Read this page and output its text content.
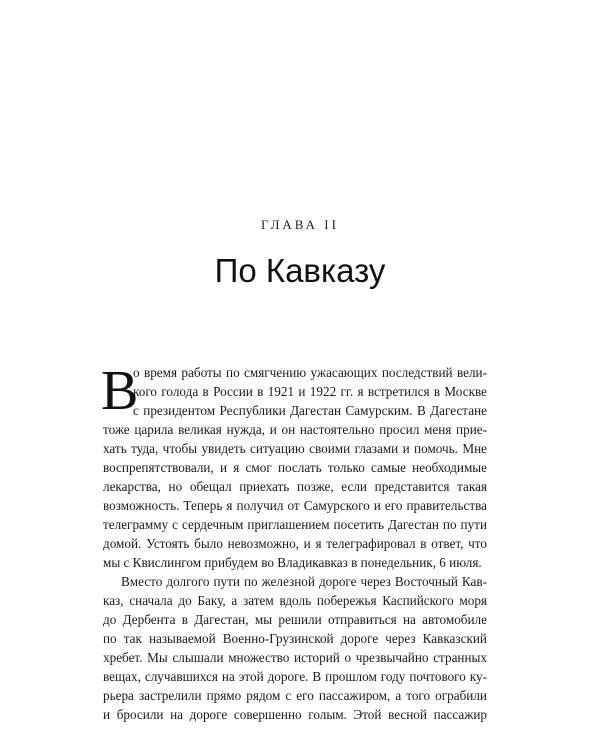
ГЛАВА II
По Кавказу
В
о время работы по смягчению ужасающих последствий вели-
кого голода в России в 1921 и 1922 гг. я встретился в Москве
с президентом Республики Дагестан Самурским. В Дагестане
тоже царила великая нужда, и он настоятельно просил меня прие-
хать туда, чтобы увидеть ситуацию своими глазами и помочь. Мне
воспрепятствовали, и я смог послать только самые необходимые
лекарства, но обещал приехать позже, если представится такая
возможность. Теперь я получил от Самурского и его правительства
телеграмму с сердечным приглашением посетить Дагестан по пути
домой. Устоять было невозможно, и я телеграфировал в ответ, что
мы с Квислингом прибудем во Владикавказ в понедельник, 6 июля.
Вместо долгого пути по железной дороге через Восточный Кав-
каз, сначала до Баку, а затем вдоль побережья Каспийского моря
до Дербента в Дагестан, мы решили отправиться на автомобиле
по так называемой Военно-Грузинской дороге через Кавказский
хребет. Мы слышали множество историй о чрезвычайно странных
вещах, случавшихся на этой дороге. В прошлом году почтового ку-
рьера застрелили прямо рядом с его пассажиром, а того ограбили
и бросили на дороге совершенно голым. Этой весной пассажир
